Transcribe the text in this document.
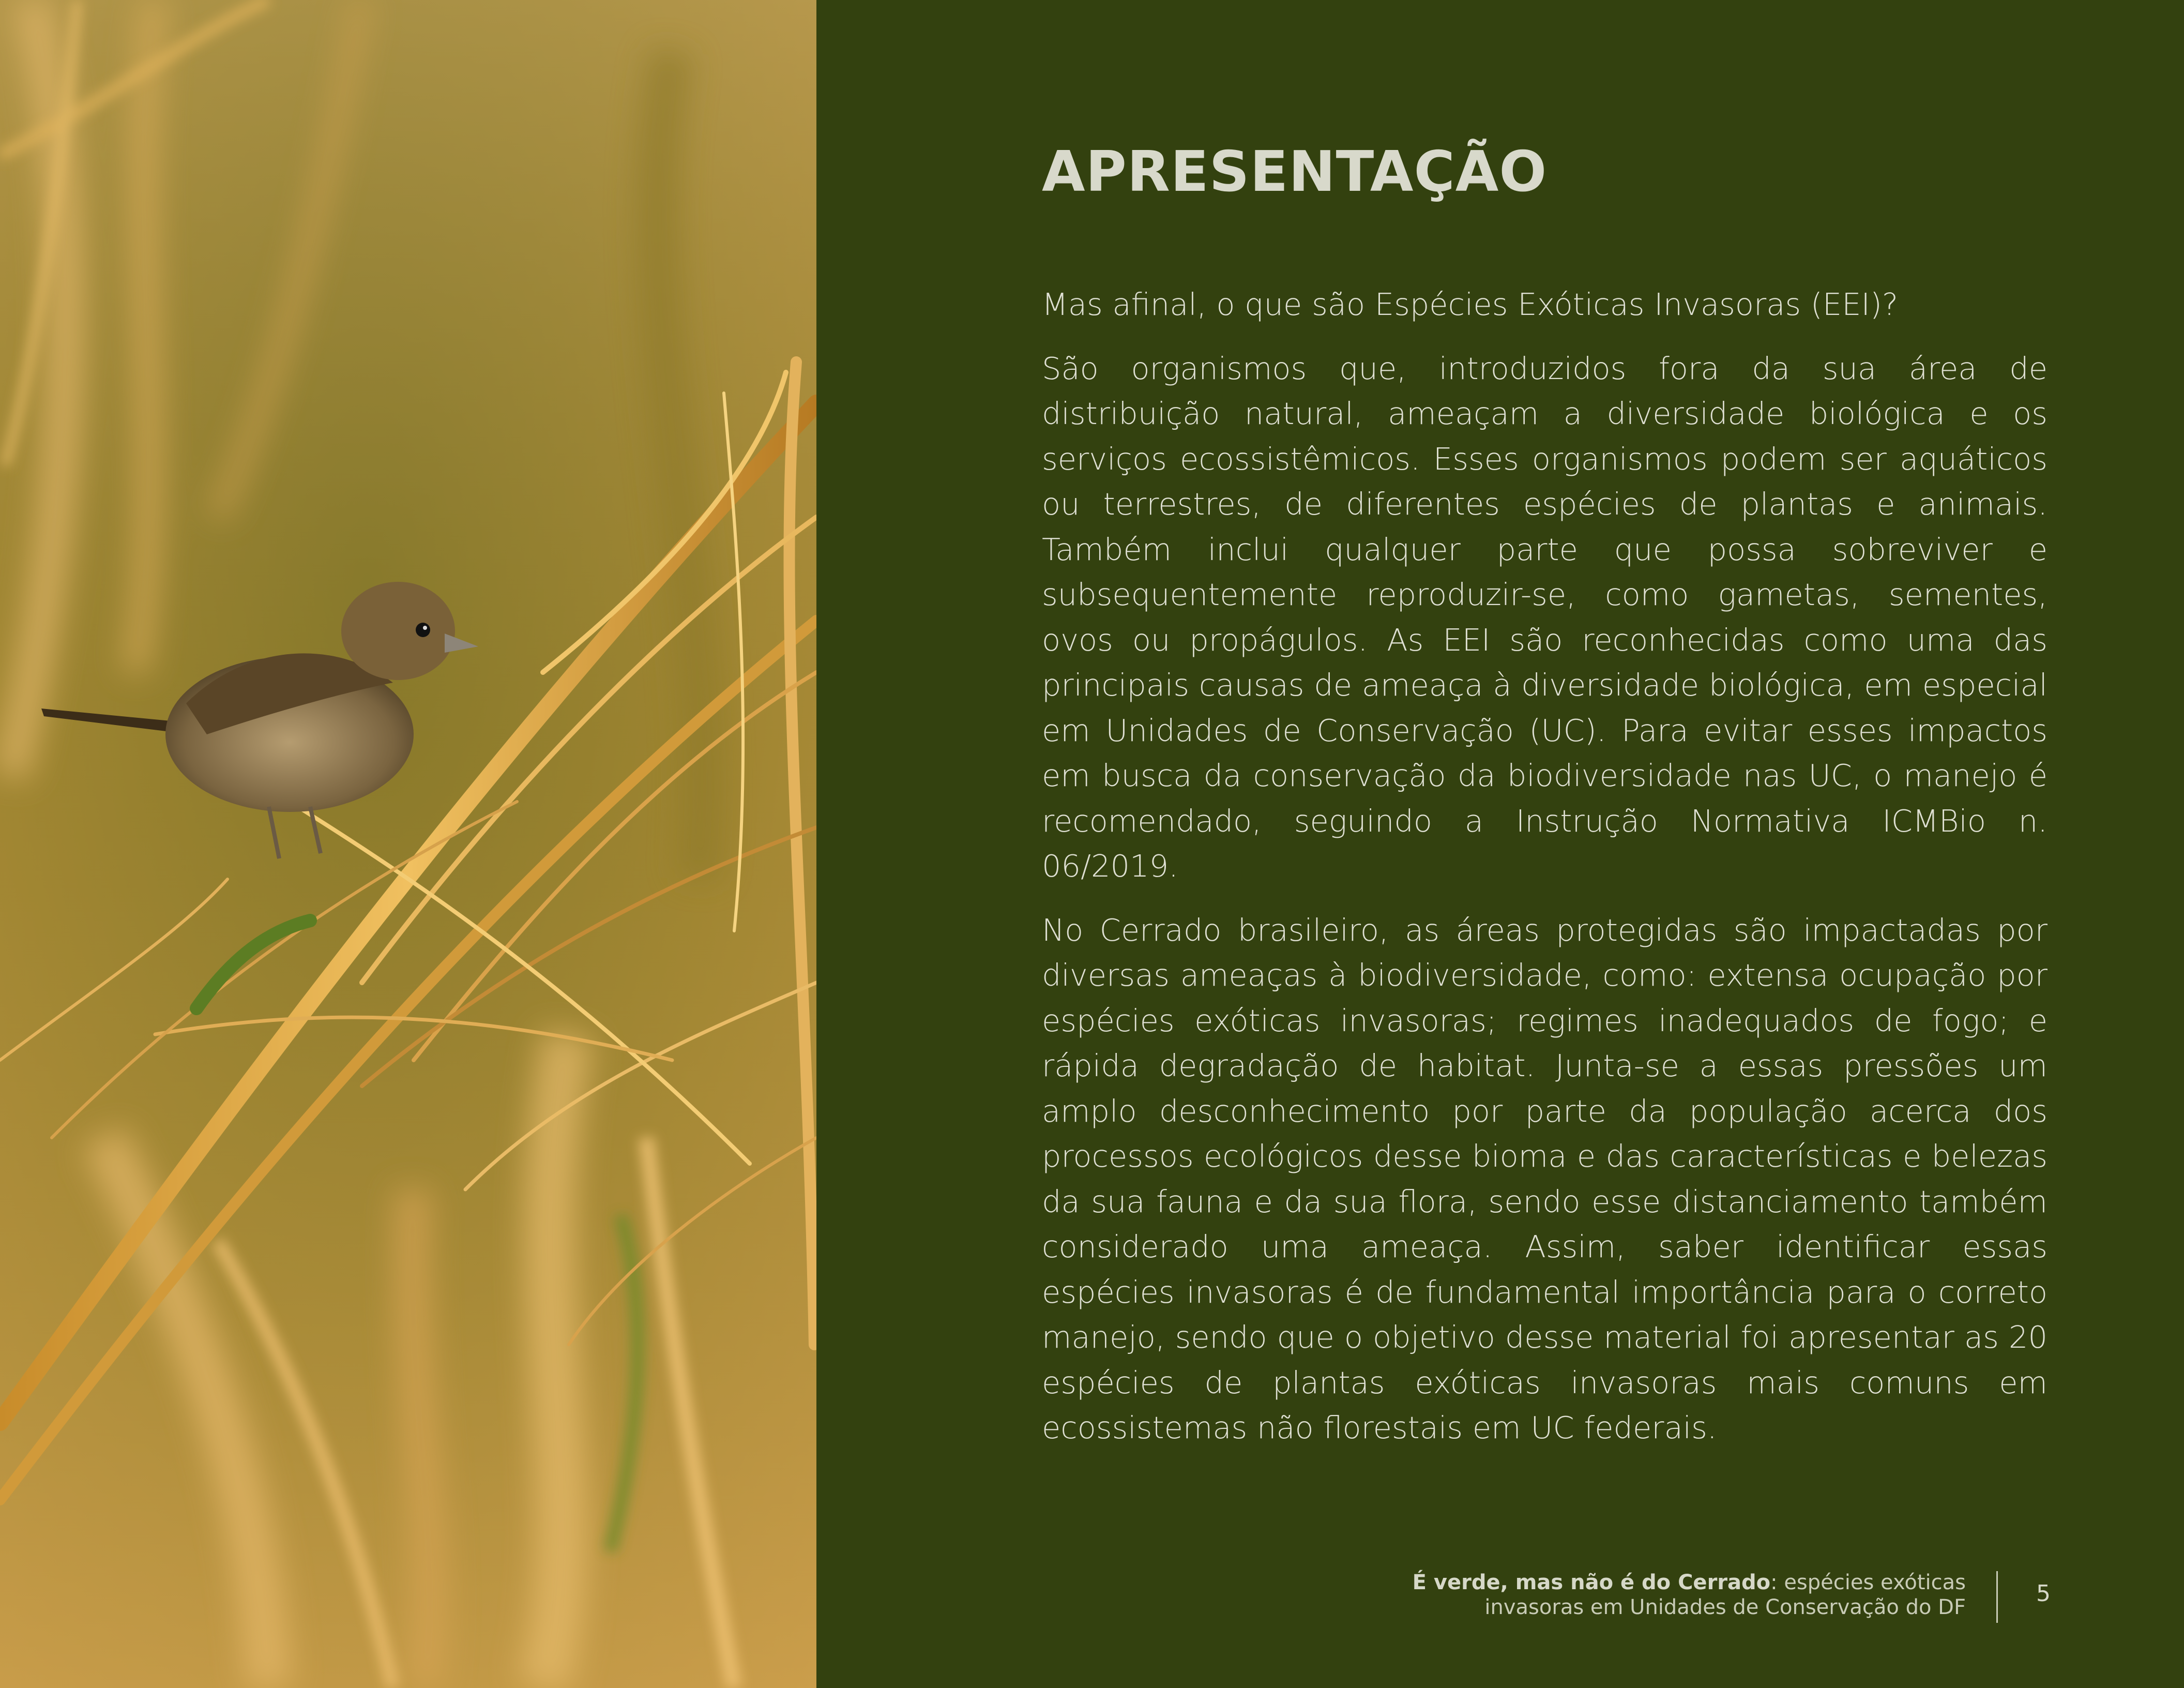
APRESENTAÇÃO

Mas afinal, o que são Espécies Exóticas Invasoras (EEI)?

São organismos que, introduzidos fora da sua área de distribuição natural, ameaçam a diversidade biológica e os serviços ecossistêmicos. Esses organismos podem ser aquáticos ou terrestres, de diferentes espécies de plantas e animais. Também inclui qualquer parte que possa sobreviver e subsequentemente reproduzir-se, como gametas, sementes, ovos ou propágulos. As EEI são reconhecidas como uma das principais causas de ameaça à diversidade biológica, em especial em Unidades de Conservação (UC). Para evitar esses impactos em busca da conservação da biodiversidade nas UC, o manejo é recomendado, seguindo a Instrução Normativa ICMBio n. 06/2019.

No Cerrado brasileiro, as áreas protegidas são impactadas por diversas ameaças à biodiversidade, como: extensa ocupação por espécies exóticas invasoras; regimes inadequados de fogo; e rápida degradação de habitat. Junta-se a essas pressões um amplo desconhecimento por parte da população acerca dos processos ecológicos desse bioma e das características e belezas da sua fauna e da sua flora, sendo esse distanciamento também considerado uma ameaça. Assim, saber identificar essas espécies invasoras é de fundamental importância para o correto manejo, sendo que o objetivo desse material foi apresentar as 20 espécies de plantas exóticas invasoras mais comuns em ecossistemas não florestais em UC federais.

É verde, mas não é do Cerrado: espécies exóticas
invasoras em Unidades de Conservação do DF
5
